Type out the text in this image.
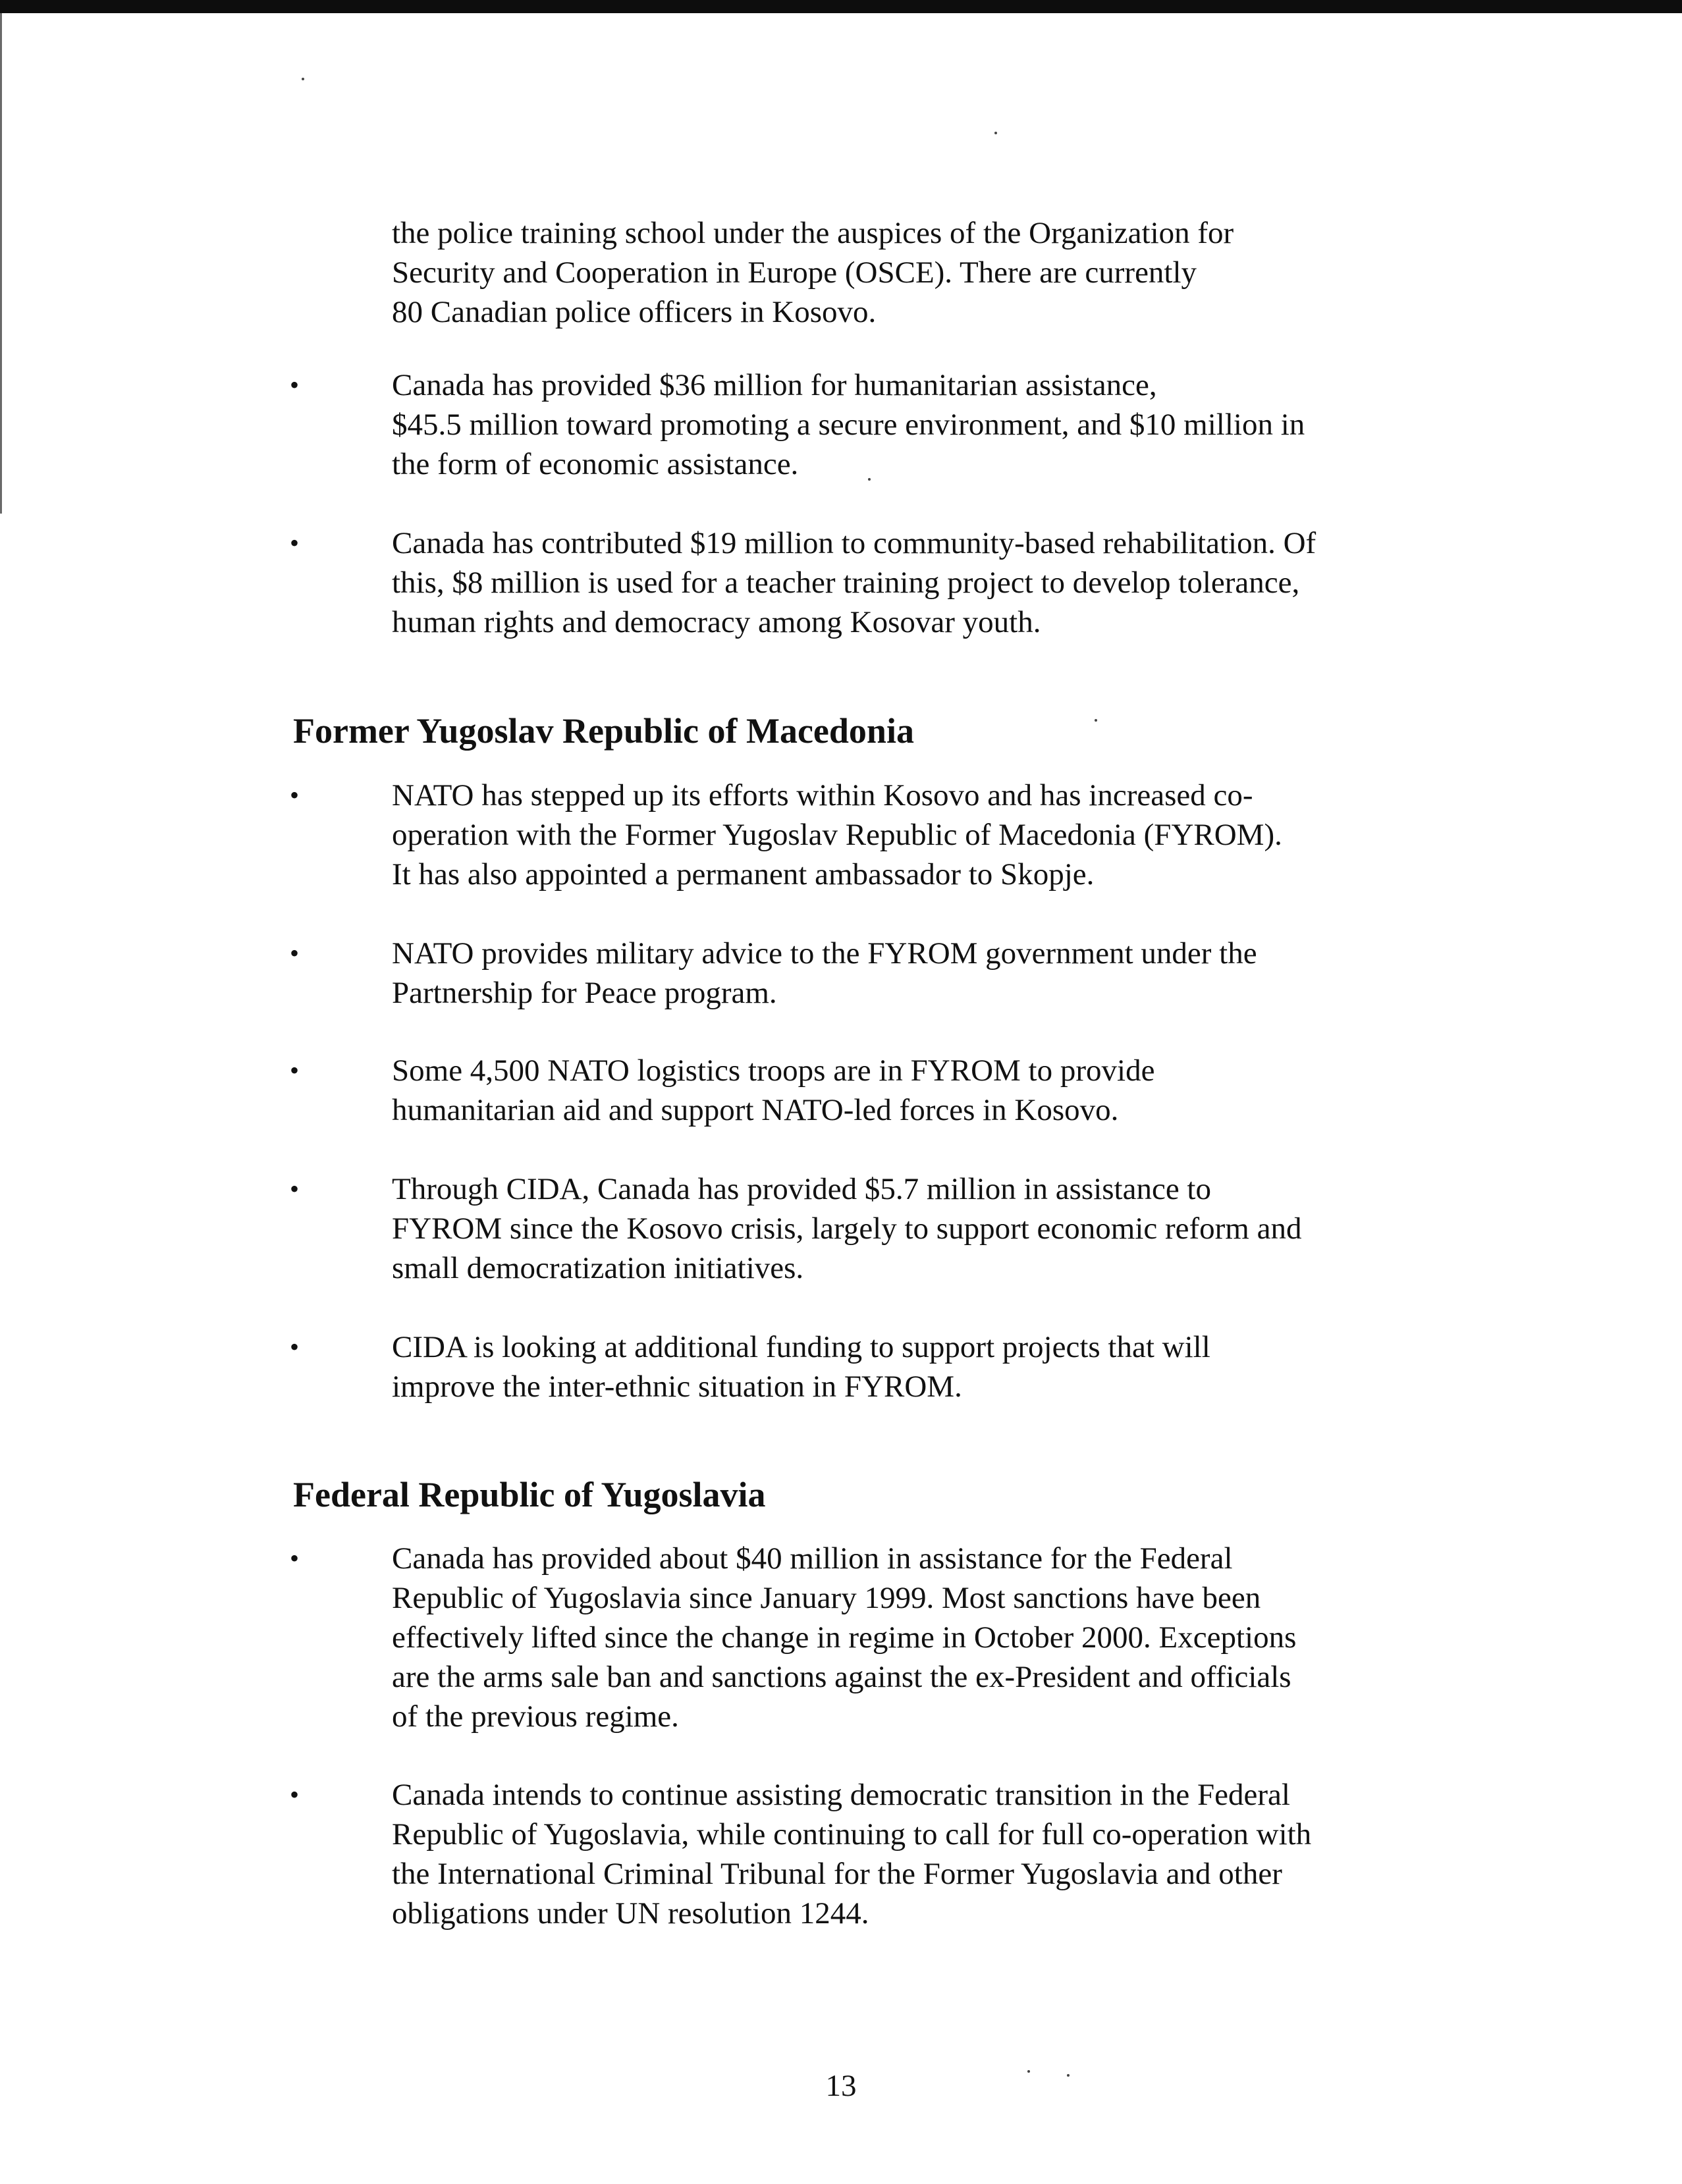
the police training school under the auspices of the Organization for
Security and Cooperation in Europe (OSCE). There are currently
80 Canadian police officers in Kosovo.
•	Canada has provided $36 million for humanitarian assistance,
$45.5 million toward promoting a secure environment, and $10 million in
the form of economic assistance.
•	Canada has contributed $19 million to community-based rehabilitation. Of
this, $8 million is used for a teacher training project to develop tolerance,
human rights and democracy among Kosovar youth.
Former Yugoslav Republic of Macedonia
•	NATO has stepped up its efforts within Kosovo and has increased co-
operation with the Former Yugoslav Republic of Macedonia (FYROM).
It has also appointed a permanent ambassador to Skopje.
•	NATO provides military advice to the FYROM government under the
Partnership for Peace program.
•	Some 4,500 NATO logistics troops are in FYROM to provide
humanitarian aid and support NATO-led forces in Kosovo.
•	Through CIDA, Canada has provided $5.7 million in assistance to
FYROM since the Kosovo crisis, largely to support economic reform and
small democratization initiatives.
•	CIDA is looking at additional funding to support projects that will
improve the inter-ethnic situation in FYROM.
Federal Republic of Yugoslavia
•	Canada has provided about $40 million in assistance for the Federal
Republic of Yugoslavia since January 1999. Most sanctions have been
effectively lifted since the change in regime in October 2000. Exceptions
are the arms sale ban and sanctions against the ex-President and officials
of the previous regime.
•	Canada intends to continue assisting democratic transition in the Federal
Republic of Yugoslavia, while continuing to call for full co-operation with
the International Criminal Tribunal for the Former Yugoslavia and other
obligations under UN resolution 1244.
13
